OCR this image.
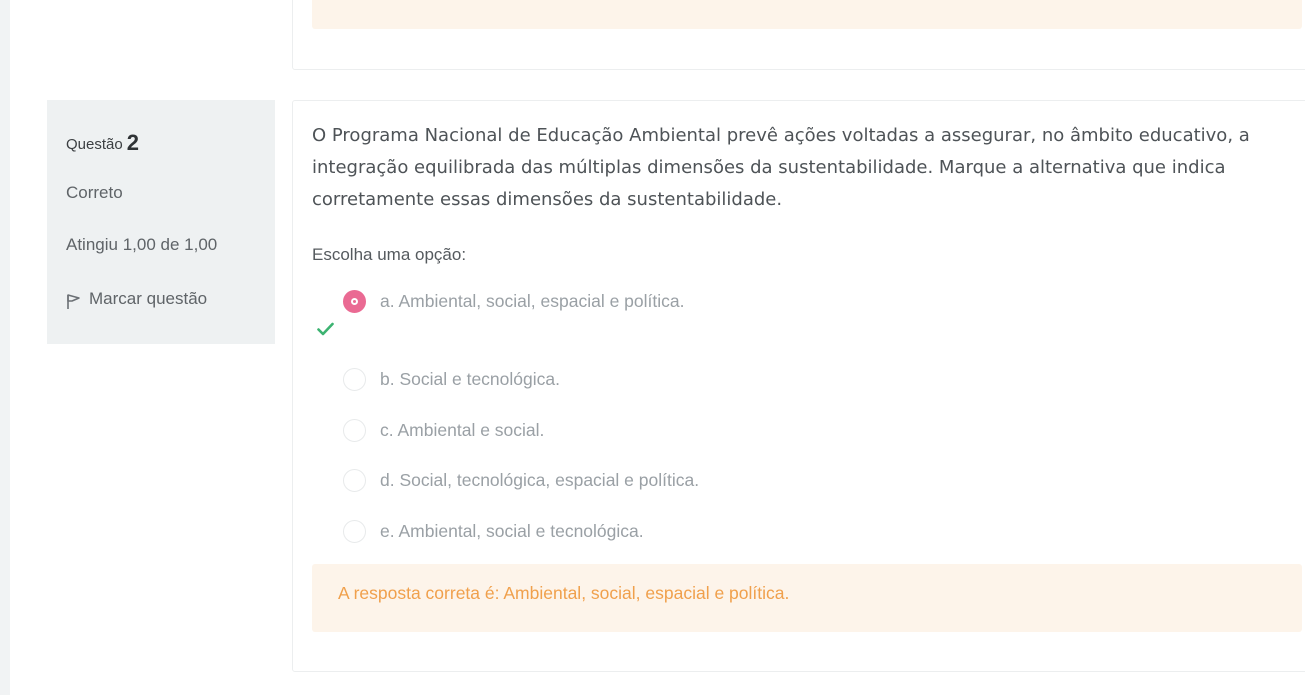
Questão 2
Correto
Atingiu 1,00 de 1,00
Marcar questão
O Programa Nacional de Educação Ambiental prevê ações voltadas a assegurar, no âmbito educativo, a integração equilibrada das múltiplas dimensões da sustentabilidade. Marque a alternativa que indica corretamente essas dimensões da sustentabilidade.
Escolha uma opção:
a. Ambiental, social, espacial e política.
b. Social e tecnológica.
c. Ambiental e social.
d. Social, tecnológica, espacial e política.
e. Ambiental, social e tecnológica.
A resposta correta é: Ambiental, social, espacial e política.
